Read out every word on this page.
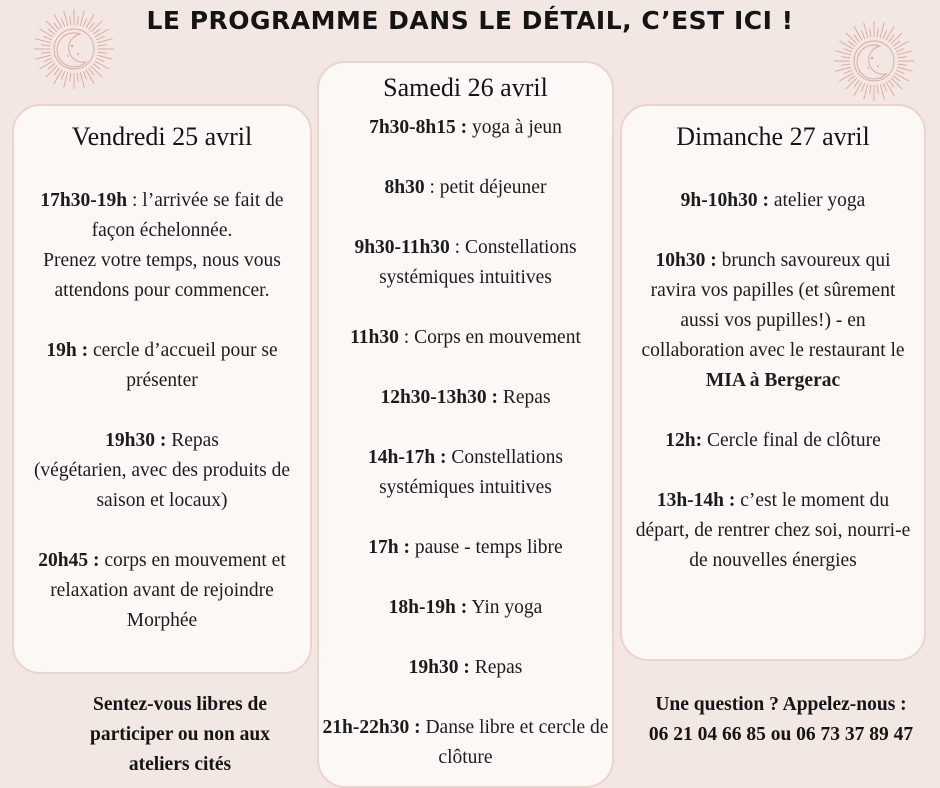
LE PROGRAMME DANS LE DÉTAIL, C’EST ICI !
Vendredi 25 avril
17h30-19h : l’arrivée se fait de façon échelonnée.
Prenez votre temps, nous vous attendons pour commencer.
19h : cercle d’accueil pour se présenter
19h30 : Repas
(végétarien, avec des produits de saison et locaux)
20h45 : corps en mouvement et relaxation avant de rejoindre Morphée
Samedi 26 avril
7h30-8h15 : yoga à jeun
8h30 : petit déjeuner
9h30-11h30 : Constellations systémiques intuitives
11h30 : Corps en mouvement
12h30-13h30 : Repas
14h-17h : Constellations systémiques intuitives
17h : pause - temps libre
18h-19h : Yin yoga
19h30 : Repas
21h-22h30 : Danse libre et cercle de clôture
Dimanche 27 avril
9h-10h30 : atelier yoga
10h30 : brunch savoureux qui ravira vos papilles (et sûrement aussi vos pupilles!) - en collaboration avec le restaurant le MIA à Bergerac
12h: Cercle final de clôture
13h-14h : c’est le moment du départ, de rentrer chez soi, nourri-e de nouvelles énergies
Sentez-vous libres de participer ou non aux ateliers cités
Une question ? Appelez-nous :
06 21 04 66 85 ou 06 73 37 89 47
